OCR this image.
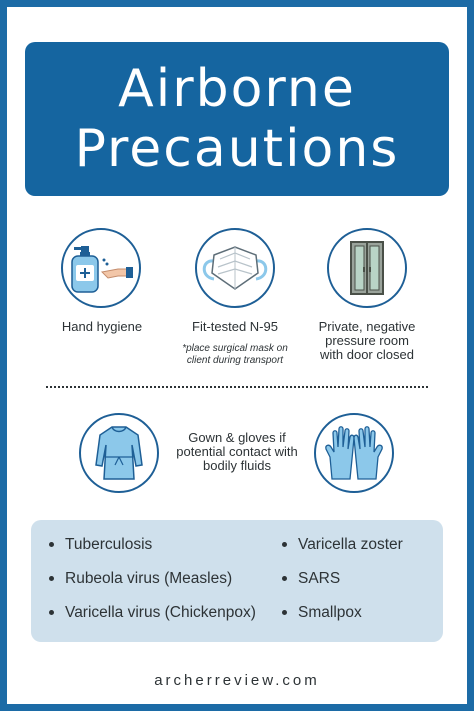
Airborne
Precautions
Hand hygiene	Fit-tested N-95
*place surgical mask on client during transport
Private, negative pressure room with door closed
Gown & gloves if potential contact with bodily fluids
Tuberculosis
Rubeola virus (Measles)
Varicella virus (Chickenpox)
Varicella zoster
SARS
Smallpox
archerreview.com
